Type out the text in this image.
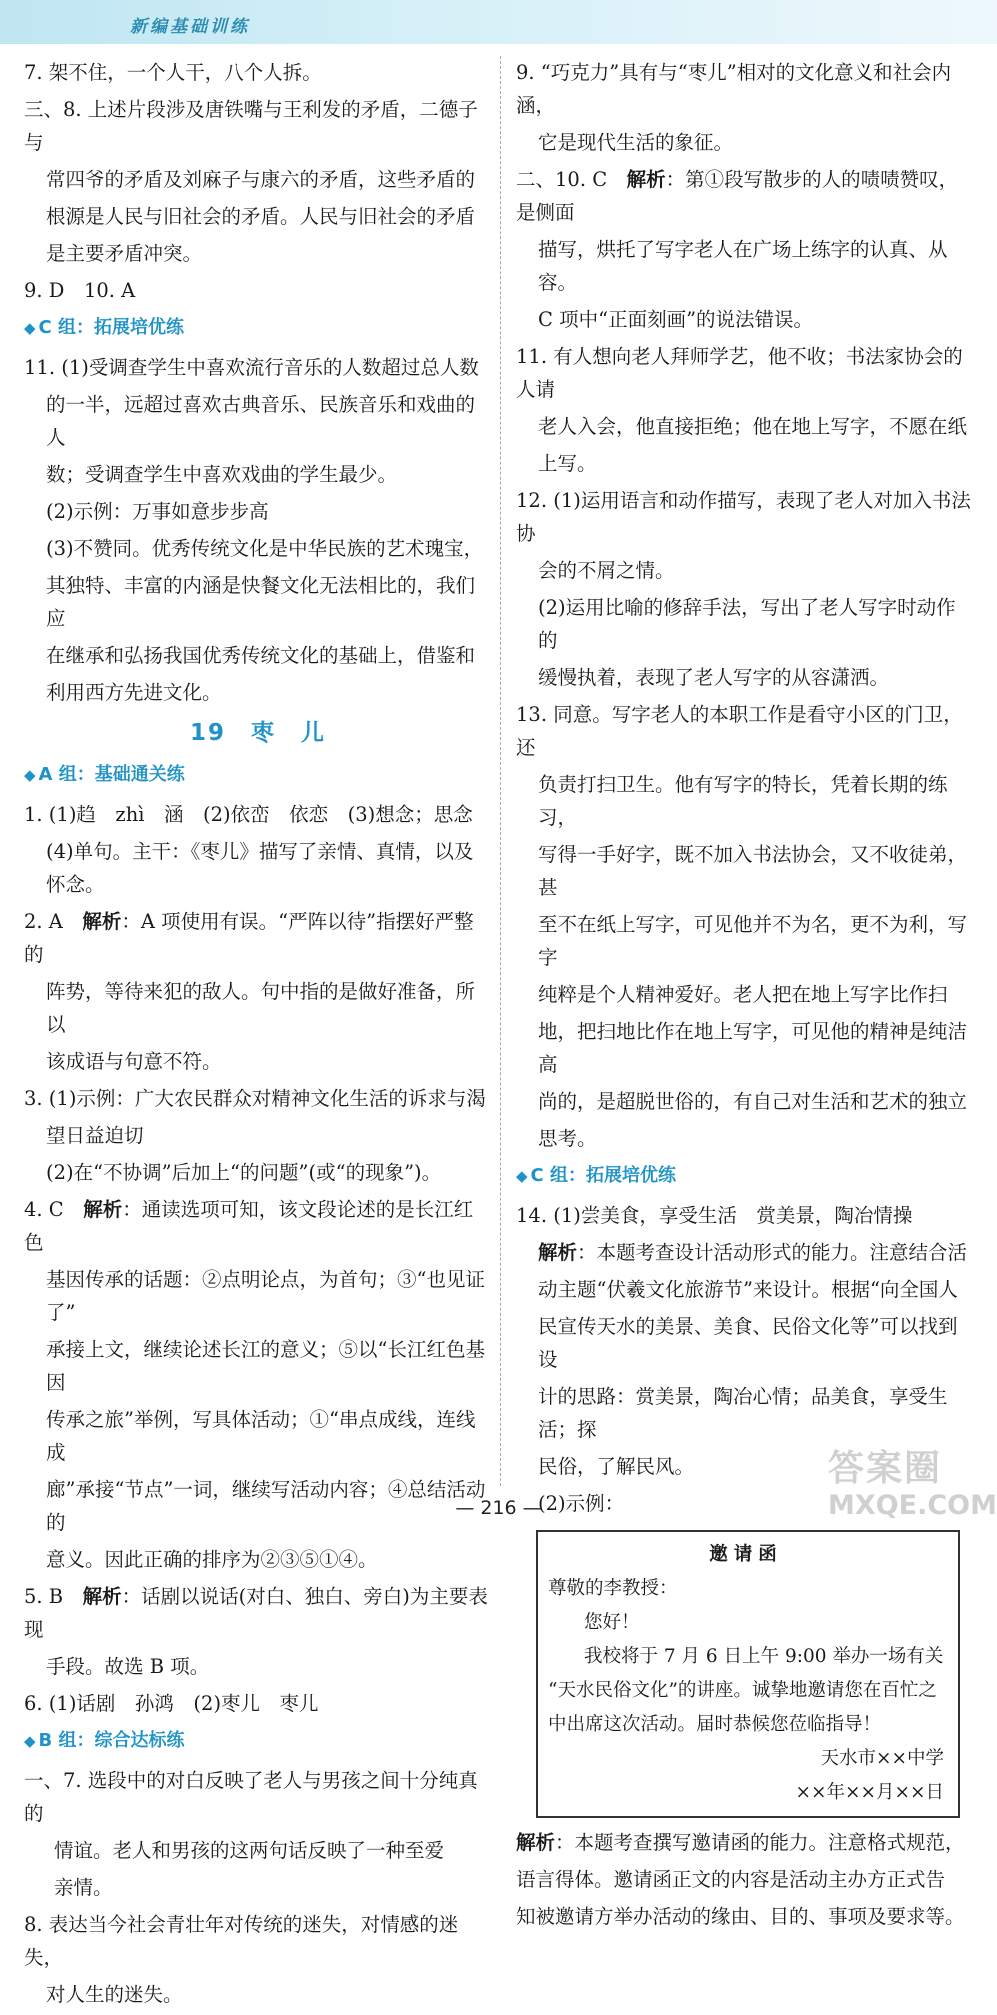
新编基础训练

7. 架不住，一个人干，八个人拆。

三、8. 上述片段涉及唐铁嘴与王利发的矛盾，二德子与

常四爷的矛盾及刘麻子与康六的矛盾，这些矛盾的

根源是人民与旧社会的矛盾。人民与旧社会的矛盾

是主要矛盾冲突。

9. D　10. A

◆ C 组：拓展培优练

11. (1)受调查学生中喜欢流行音乐的人数超过总人数

的一半，远超过喜欢古典音乐、民族音乐和戏曲的人

数；受调查学生中喜欢戏曲的学生最少。

(2)示例：万事如意步步高

(3)不赞同。优秀传统文化是中华民族的艺术瑰宝，

其独特、丰富的内涵是快餐文化无法相比的，我们应

在继承和弘扬我国优秀传统文化的基础上，借鉴和

利用西方先进文化。

19　枣　儿
◆ A 组：基础通关练

1. (1)趋　zhì　涵　(2)依峦　依恋　(3)想念；思念

(4)单句。主干：《枣儿》描写了亲情、真情，以及怀念。

2. A　解析：A 项使用有误。“严阵以待”指摆好严整的

阵势，等待来犯的敌人。句中指的是做好准备，所以

该成语与句意不符。

3. (1)示例：广大农民群众对精神文化生活的诉求与渴

望日益迫切

(2)在“不协调”后加上“的问题”(或“的现象”)。

4. C　解析：通读选项可知，该文段论述的是长江红色

基因传承的话题：②点明论点，为首句；③“也见证了”

承接上文，继续论述长江的意义；⑤以“长江红色基因

传承之旅”举例，写具体活动；①“串点成线，连线成

廊”承接“节点”一词，继续写活动内容；④总结活动的

意义。因此正确的排序为②③⑤①④。

5. B　解析：话剧以说话(对白、独白、旁白)为主要表现

手段。故选 B 项。

6. (1)话剧　孙鸿　(2)枣儿　枣儿

◆ B 组：综合达标练

一、7. 选段中的对白反映了老人与男孩之间十分纯真的

情谊。老人和男孩的这两句话反映了一种至爱

亲情。

8. 表达当今社会青壮年对传统的迷失，对情感的迷失，

对人生的迷失。

9. “巧克力”具有与“枣儿”相对的文化意义和社会内涵，

它是现代生活的象征。

二、10. C　解析：第①段写散步的人的啧啧赞叹，是侧面

描写，烘托了写字老人在广场上练字的认真、从容。

C 项中“正面刻画”的说法错误。

11. 有人想向老人拜师学艺，他不收；书法家协会的人请

老人入会，他直接拒绝；他在地上写字，不愿在纸

上写。

12. (1)运用语言和动作描写，表现了老人对加入书法协

会的不屑之情。

(2)运用比喻的修辞手法，写出了老人写字时动作的

缓慢执着，表现了老人写字的从容潇洒。

13. 同意。写字老人的本职工作是看守小区的门卫，还

负责打扫卫生。他有写字的特长，凭着长期的练习，

写得一手好字，既不加入书法协会，又不收徒弟，甚

至不在纸上写字，可见他并不为名，更不为利，写字

纯粹是个人精神爱好。老人把在地上写字比作扫

地，把扫地比作在地上写字，可见他的精神是纯洁高

尚的，是超脱世俗的，有自己对生活和艺术的独立

思考。

◆ C 组：拓展培优练

14. (1)尝美食，享受生活　赏美景，陶冶情操

解析：本题考查设计活动形式的能力。注意结合活

动主题“伏羲文化旅游节”来设计。根据“向全国人

民宣传天水的美景、美食、民俗文化等”可以找到设

计的思路：赏美景，陶冶心情；品美食，享受生活；探

民俗，了解民风。

(2)示例：

邀请函
尊敬的李教授：
您好！
我校将于 7 月 6 日上午 9:00 举办一场有关
“天水民俗文化”的讲座。诚挚地邀请您在百忙之
中出席这次活动。届时恭候您莅临指导！
天水市××中学
××年××月××日

解析：本题考查撰写邀请函的能力。注意格式规范，

语言得体。邀请函正文的内容是活动主办方正式告

知被邀请方举办活动的缘由、目的、事项及要求等。

— 216 —
答案圈
MXQE.COM
